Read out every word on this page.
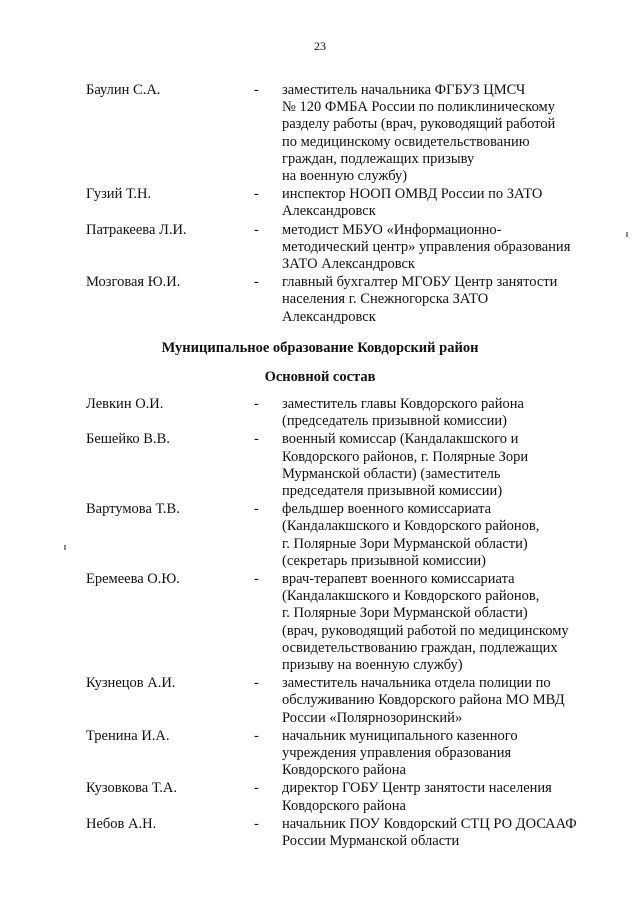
23
Баулин С.А.	-	заместитель начальника ФГБУЗ ЦМСЧ
№ 120 ФМБА России по поликлиническому
разделу работы (врач, руководящий работой
по медицинскому освидетельствованию
граждан, подлежащих призыву
на военную службу)
Гузий Т.Н.	-	инспектор НООП ОМВД России по ЗАТО
Александровск
Патракеева Л.И.	-	методист МБУО «Информационно-
методический центр» управления образования
ЗАТО Александровск
Мозговая Ю.И.	-	главный бухгалтер МГОБУ Центр занятости
населения г. Снежногорска ЗАТО
Александровск
Муниципальное образование Ковдорский район
Основной состав
Левкин О.И.	-	заместитель главы Ковдорского района
(председатель призывной комиссии)
Бешейко В.В.	-	военный комиссар (Кандалакшского и
Ковдорского районов, г. Полярные Зори
Мурманской области) (заместитель
председателя призывной комиссии)
Вартумова Т.В.	-	фельдшер военного комиссариата
(Кандалакшского и Ковдорского районов,
г. Полярные Зори Мурманской области)
(секретарь призывной комиссии)
Еремеева О.Ю.	-	врач-терапевт военного комиссариата
(Кандалакшского и Ковдорского районов,
г. Полярные Зори Мурманской области)
(врач, руководящий работой по медицинскому
освидетельствованию граждан, подлежащих
призыву на военную службу)
Кузнецов А.И.	-	заместитель начальника отдела полиции по
обслуживанию Ковдорского района МО МВД
России «Полярнозоринский»
Тренина И.А.	-	начальник муниципального казенного
учреждения управления образования
Ковдорского района
Кузовкова Т.А.	-	директор ГОБУ Центр занятости населения
Ковдорского района
Небов А.Н.	-	начальник ПОУ Ковдорский СТЦ РО ДОСААФ
России Мурманской области
